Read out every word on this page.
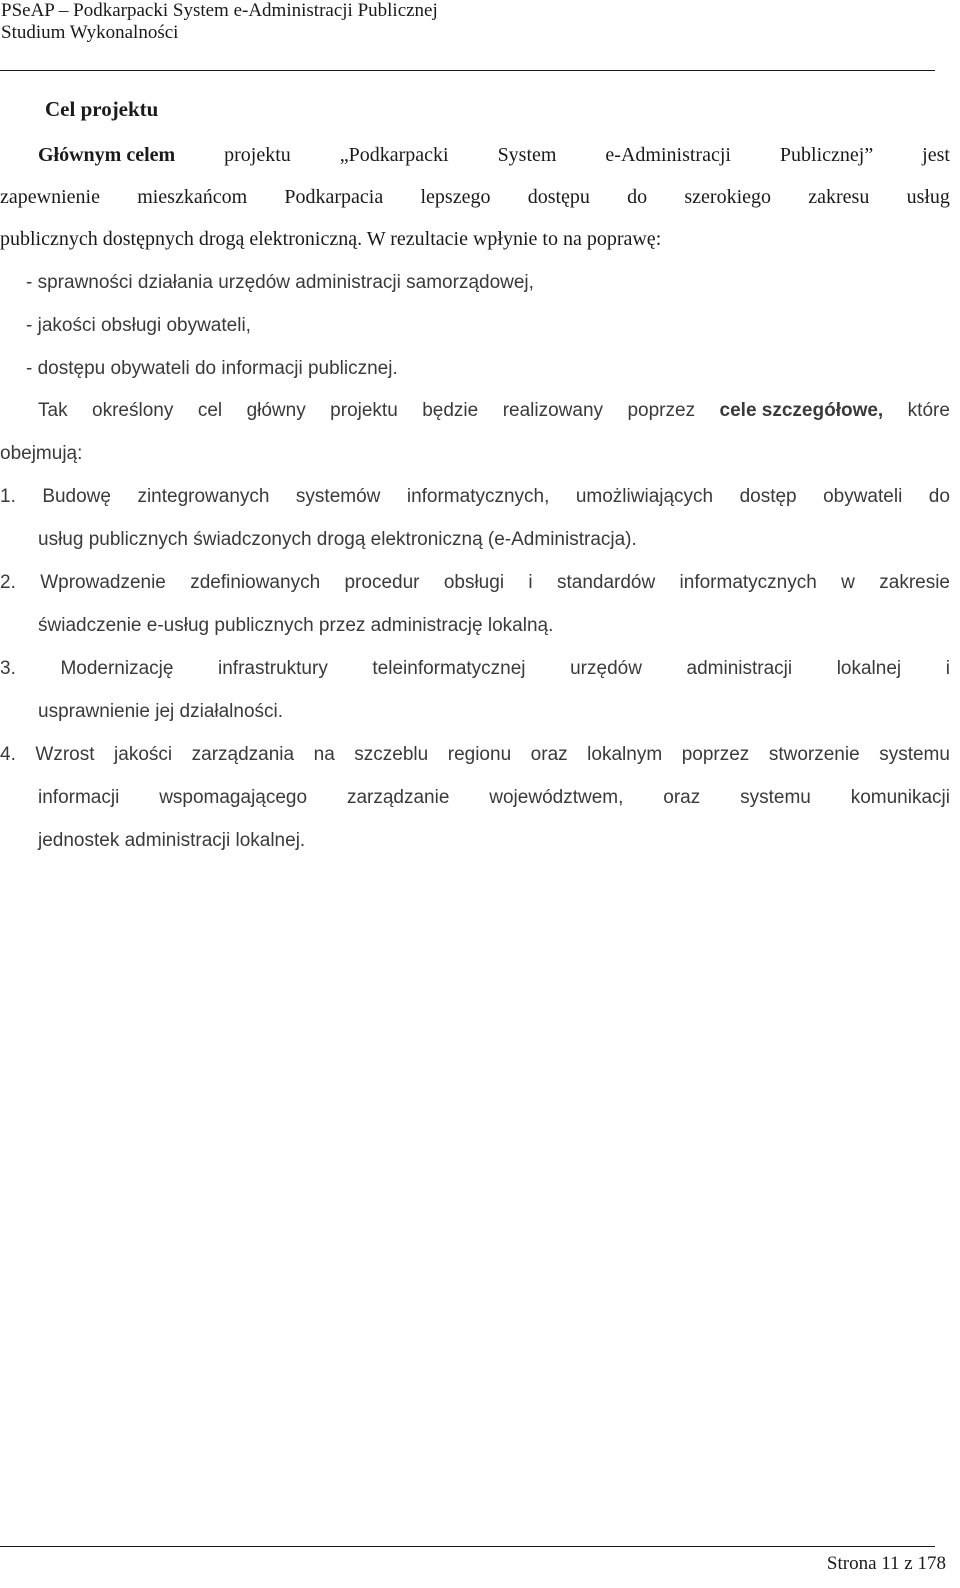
PSeAP – Podkarpacki System e-Administracji Publicznej
Studium Wykonalności
Cel projektu
Głównym celem projektu „Podkarpacki System e-Administracji Publicznej” jest
zapewnienie mieszkańcom Podkarpacia lepszego dostępu do szerokiego zakresu usług
publicznych dostępnych drogą elektroniczną. W rezultacie wpłynie to na poprawę:
- sprawności działania urzędów administracji samorządowej,
- jakości obsługi obywateli,
- dostępu obywateli do informacji publicznej.
Tak określony cel główny projektu będzie realizowany poprzez cele szczegółowe, które
obejmują:
1. Budowę zintegrowanych systemów informatycznych, umożliwiających dostęp obywateli do
usług publicznych świadczonych drogą elektroniczną (e-Administracja).
2. Wprowadzenie zdefiniowanych procedur obsługi i standardów informatycznych w zakresie
świadczenie e-usług publicznych przez administrację lokalną.
3. Modernizację infrastruktury teleinformatycznej urzędów administracji lokalnej i
usprawnienie jej działalności.
4. Wzrost jakości zarządzania na szczeblu regionu oraz lokalnym poprzez stworzenie systemu
informacji wspomagającego zarządzanie województwem, oraz systemu komunikacji
jednostek administracji lokalnej.
Strona 11 z 178
